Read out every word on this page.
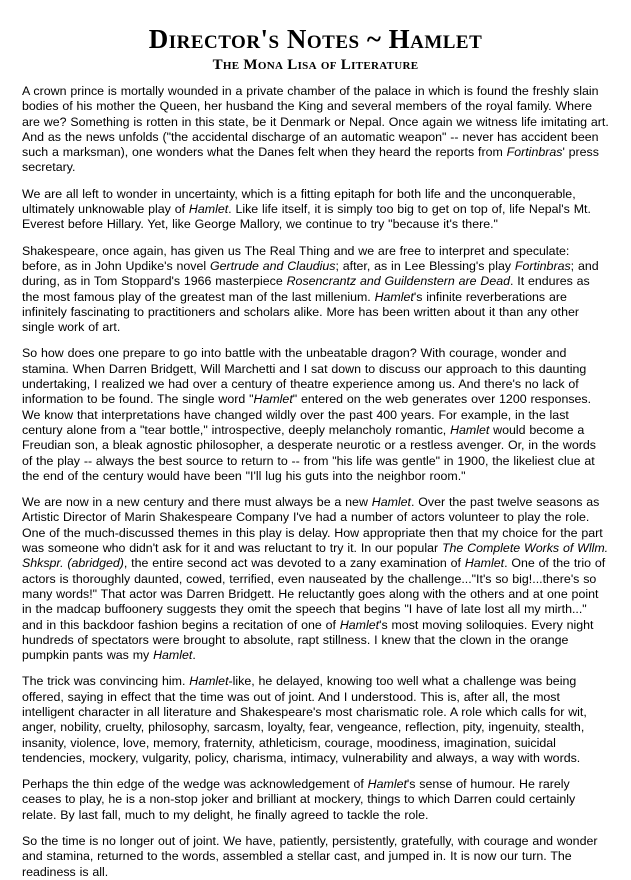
Director's Notes ~ Hamlet
The Mona Lisa of Literature

A crown prince is mortally wounded in a private chamber of the palace in which is found the freshly slain bodies of his mother the Queen, her husband the King and several members of the royal family. Where are we? Something is rotten in this state, be it Denmark or Nepal. Once again we witness life imitating art. And as the news unfolds ("the accidental discharge of an automatic weapon" -- never has accident been such a marksman), one wonders what the Danes felt when they heard the reports from Fortinbras' press secretary.

We are all left to wonder in uncertainty, which is a fitting epitaph for both life and the unconquerable, ultimately unknowable play of Hamlet. Like life itself, it is simply too big to get on top of, life Nepal's Mt. Everest before Hillary. Yet, like George Mallory, we continue to try "because it's there."

Shakespeare, once again, has given us The Real Thing and we are free to interpret and speculate: before, as in John Updike's novel Gertrude and Claudius; after, as in Lee Blessing's play Fortinbras; and during, as in Tom Stoppard's 1966 masterpiece Rosencrantz and Guildenstern are Dead. It endures as the most famous play of the greatest man of the last millenium. Hamlet's infinite reverberations are infinitely fascinating to practitioners and scholars alike. More has been written about it than any other single work of art.

So how does one prepare to go into battle with the unbeatable dragon? With courage, wonder and stamina. When Darren Bridgett, Will Marchetti and I sat down to discuss our approach to this daunting undertaking, I realized we had over a century of theatre experience among us. And there's no lack of information to be found. The single word "Hamlet" entered on the web generates over 1200 responses. We know that interpretations have changed wildly over the past 400 years. For example, in the last century alone from a "tear bottle," introspective, deeply melancholy romantic, Hamlet would become a Freudian son, a bleak agnostic philosopher, a desperate neurotic or a restless avenger. Or, in the words of the play -- always the best source to return to -- from "his life was gentle" in 1900, the likeliest clue at the end of the century would have been "I'll lug his guts into the neighbor room."

We are now in a new century and there must always be a new Hamlet. Over the past twelve seasons as Artistic Director of Marin Shakespeare Company I've had a number of actors volunteer to play the role. One of the much-discussed themes in this play is delay. How appropriate then that my choice for the part was someone who didn't ask for it and was reluctant to try it. In our popular The Complete Works of Wllm. Shkspr. (abridged), the entire second act was devoted to a zany examination of Hamlet. One of the trio of actors is thoroughly daunted, cowed, terrified, even nauseated by the challenge..."It's so big!...there's so many words!" That actor was Darren Bridgett. He reluctantly goes along with the others and at one point in the madcap buffoonery suggests they omit the speech that begins "I have of late lost all my mirth..." and in this backdoor fashion begins a recitation of one of Hamlet's most moving soliloquies. Every night hundreds of spectators were brought to absolute, rapt stillness. I knew that the clown in the orange pumpkin pants was my Hamlet.

The trick was convincing him. Hamlet-like, he delayed, knowing too well what a challenge was being offered, saying in effect that the time was out of joint. And I understood. This is, after all, the most intelligent character in all literature and Shakespeare's most charismatic role. A role which calls for wit, anger, nobility, cruelty, philosophy, sarcasm, loyalty, fear, vengeance, reflection, pity, ingenuity, stealth, insanity, violence, love, memory, fraternity, athleticism, courage, moodiness, imagination, suicidal tendencies, mockery, vulgarity, policy, charisma, intimacy, vulnerability and always, a way with words.

Perhaps the thin edge of the wedge was acknowledgement of Hamlet's sense of humour. He rarely ceases to play, he is a non-stop joker and brilliant at mockery, things to which Darren could certainly relate. By last fall, much to my delight, he finally agreed to tackle the role.

So the time is no longer out of joint. We have, patiently, persistently, gratefully, with courage and wonder and stamina, returned to the words, assembled a stellar cast, and jumped in. It is now our turn. The readiness is all.
